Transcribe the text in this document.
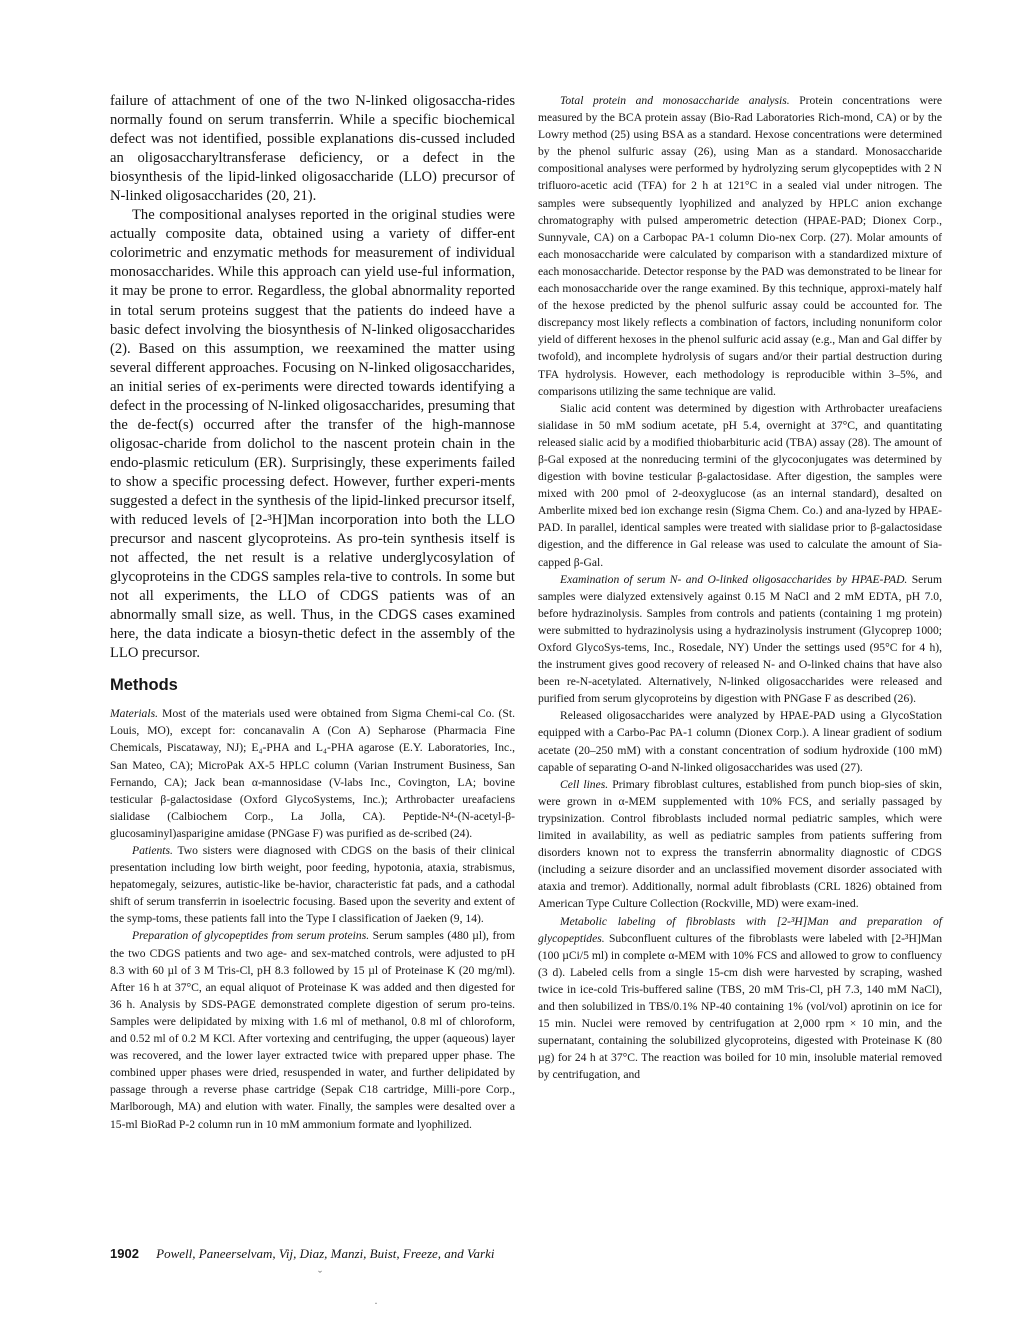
failure of attachment of one of the two N-linked oligosaccha-rides normally found on serum transferrin. While a specific biochemical defect was not identified, possible explanations dis-cussed included an oligosaccharyltransferase deficiency, or a defect in the biosynthesis of the lipid-linked oligosaccharide (LLO) precursor of N-linked oligosaccharides (20, 21).

The compositional analyses reported in the original studies were actually composite data, obtained using a variety of differ-ent colorimetric and enzymatic methods for measurement of individual monosaccharides. While this approach can yield use-ful information, it may be prone to error. Regardless, the global abnormality reported in total serum proteins suggest that the patients do indeed have a basic defect involving the biosynthesis of N-linked oligosaccharides (2). Based on this assumption, we reexamined the matter using several different approaches. Focusing on N-linked oligosaccharides, an initial series of ex-periments were directed towards identifying a defect in the processing of N-linked oligosaccharides, presuming that the de-fect(s) occurred after the transfer of the high-mannose oligosac-charide from dolichol to the nascent protein chain in the endo-plasmic reticulum (ER). Surprisingly, these experiments failed to show a specific processing defect. However, further experi-ments suggested a defect in the synthesis of the lipid-linked precursor itself, with reduced levels of [2-³H]Man incorporation into both the LLO precursor and nascent glycoproteins. As pro-tein synthesis itself is not affected, the net result is a relative underglycosylation of glycoproteins in the CDGS samples rela-tive to controls. In some but not all experiments, the LLO of CDGS patients was of an abnormally small size, as well. Thus, in the CDGS cases examined here, the data indicate a biosyn-thetic defect in the assembly of the LLO precursor.

Methods

Materials. Most of the materials used were obtained from Sigma Chemi-cal Co. (St. Louis, MO), except for: concanavalin A (Con A) Sepharose (Pharmacia Fine Chemicals, Piscataway, NJ); E₄-PHA and L₄-PHA agarose (E.Y. Laboratories, Inc., San Mateo, CA); MicroPak AX-5 HPLC column (Varian Instrument Business, San Fernando, CA); Jack bean α-mannosidase (V-labs Inc., Covington, LA; bovine testicular β-galactosidase (Oxford GlycoSystems, Inc.); Arthrobacter ureafaciens sialidase (Calbiochem Corp., La Jolla, CA). Peptide-N⁴-(N-acetyl-β-glucosaminyl)asparigine amidase (PNGase F) was purified as de-scribed (24).

Patients. Two sisters were diagnosed with CDGS on the basis of their clinical presentation including low birth weight, poor feeding, hypotonia, ataxia, strabismus, hepatomegaly, seizures, autistic-like be-havior, characteristic fat pads, and a cathodal shift of serum transferrin in isoelectric focusing. Based upon the severity and extent of the symp-toms, these patients fall into the Type I classification of Jaeken (9, 14).

Preparation of glycopeptides from serum proteins. Serum samples (480 µl), from the two CDGS patients and two age- and sex-matched controls, were adjusted to pH 8.3 with 60 µl of 3 M Tris-Cl, pH 8.3 followed by 15 µl of Proteinase K (20 mg/ml). After 16 h at 37°C, an equal aliquot of Proteinase K was added and then digested for 36 h. Analysis by SDS-PAGE demonstrated complete digestion of serum pro-teins. Samples were delipidated by mixing with 1.6 ml of methanol, 0.8 ml of chloroform, and 0.52 ml of 0.2 M KCl. After vortexing and centrifuging, the upper (aqueous) layer was recovered, and the lower layer extracted twice with prepared upper phase. The combined upper phases were dried, resuspended in water, and further delipidated by passage through a reverse phase cartridge (Sepak C18 cartridge, Milli-pore Corp., Marlborough, MA) and elution with water. Finally, the samples were desalted over a 15-ml BioRad P-2 column run in 10 mM ammonium formate and lyophilized.

Total protein and monosaccharide analysis. Protein concentrations were measured by the BCA protein assay (Bio-Rad Laboratories Rich-mond, CA) or by the Lowry method (25) using BSA as a standard. Hexose concentrations were determined by the phenol sulfuric assay (26), using Man as a standard. Monosaccharide compositional analyses were performed by hydrolyzing serum glycopeptides with 2 N trifluoro-acetic acid (TFA) for 2 h at 121°C in a sealed vial under nitrogen. The samples were subsequently lyophilized and analyzed by HPLC anion exchange chromatography with pulsed amperometric detection (HPAE-PAD; Dionex Corp., Sunnyvale, CA) on a Carbopac PA-1 column Dio-nex Corp. (27). Molar amounts of each monosaccharide were calculated by comparison with a standardized mixture of each monosaccharide. Detector response by the PAD was demonstrated to be linear for each monosaccharide over the range examined. By this technique, approxi-mately half of the hexose predicted by the phenol sulfuric assay could be accounted for. The discrepancy most likely reflects a combination of factors, including nonuniform color yield of different hexoses in the phenol sulfuric acid assay (e.g., Man and Gal differ by twofold), and incomplete hydrolysis of sugars and/or their partial destruction during TFA hydrolysis. However, each methodology is reproducible within 3–5%, and comparisons utilizing the same technique are valid.

Sialic acid content was determined by digestion with Arthrobacter ureafaciens sialidase in 50 mM sodium acetate, pH 5.4, overnight at 37°C, and quantitating released sialic acid by a modified thiobarbituric acid (TBA) assay (28). The amount of β-Gal exposed at the nonreducing termini of the glycoconjugates was determined by digestion with bovine testicular β-galactosidase. After digestion, the samples were mixed with 200 pmol of 2-deoxyglucose (as an internal standard), desalted on Amberlite mixed bed ion exchange resin (Sigma Chem. Co.) and ana-lyzed by HPAE-PAD. In parallel, identical samples were treated with sialidase prior to β-galactosidase digestion, and the difference in Gal release was used to calculate the amount of Sia-capped β-Gal.

Examination of serum N- and O-linked oligosaccharides by HPAE-PAD. Serum samples were dialyzed extensively against 0.15 M NaCl and 2 mM EDTA, pH 7.0, before hydrazinolysis. Samples from controls and patients (containing 1 mg protein) were submitted to hydrazinolysis using a hydrazinolysis instrument (Glycoprep 1000; Oxford GlycoSys-tems, Inc., Rosedale, NY) Under the settings used (95°C for 4 h), the instrument gives good recovery of released N- and O-linked chains that have also been re-N-acetylated. Alternatively, N-linked oligosaccharides were released and purified from serum glycoproteins by digestion with PNGase F as described (26).

Released oligosaccharides were analyzed by HPAE-PAD using a GlycoStation equipped with a Carbo-Pac PA-1 column (Dionex Corp.). A linear gradient of sodium acetate (20–250 mM) with a constant concentration of sodium hydroxide (100 mM) capable of separating O-and N-linked oligosaccharides was used (27).

Cell lines. Primary fibroblast cultures, established from punch biop-sies of skin, were grown in α-MEM supplemented with 10% FCS, and serially passaged by trypsinization. Control fibroblasts included normal pediatric samples, which were limited in availability, as well as pediatric samples from patients suffering from disorders known not to express the transferrin abnormality diagnostic of CDGS (including a seizure disorder and an unclassified movement disorder associated with ataxia and tremor). Additionally, normal adult fibroblasts (CRL 1826) obtained from American Type Culture Collection (Rockville, MD) were exam-ined.

Metabolic labeling of fibroblasts with [2-³H]Man and preparation of glycopeptides. Subconfluent cultures of the fibroblasts were labeled with [2-³H]Man (100 µCi/5 ml) in complete α-MEM with 10% FCS and allowed to grow to confluency (3 d). Labeled cells from a single 15-cm dish were harvested by scraping, washed twice in ice-cold Tris-buffered saline (TBS, 20 mM Tris-Cl, pH 7.3, 140 mM NaCl), and then solubilized in TBS/0.1% NP-40 containing 1% (vol/vol) aprotinin on ice for 15 min. Nuclei were removed by centrifugation at 2,000 rpm × 10 min, and the supernatant, containing the solubilized glycoproteins, digested with Proteinase K (80 µg) for 24 h at 37°C. The reaction was boiled for 10 min, insoluble material removed by centrifugation, and

1902 Powell, Paneerselvam, Vij, Diaz, Manzi, Buist, Freeze, and Varki
ˇ
·
